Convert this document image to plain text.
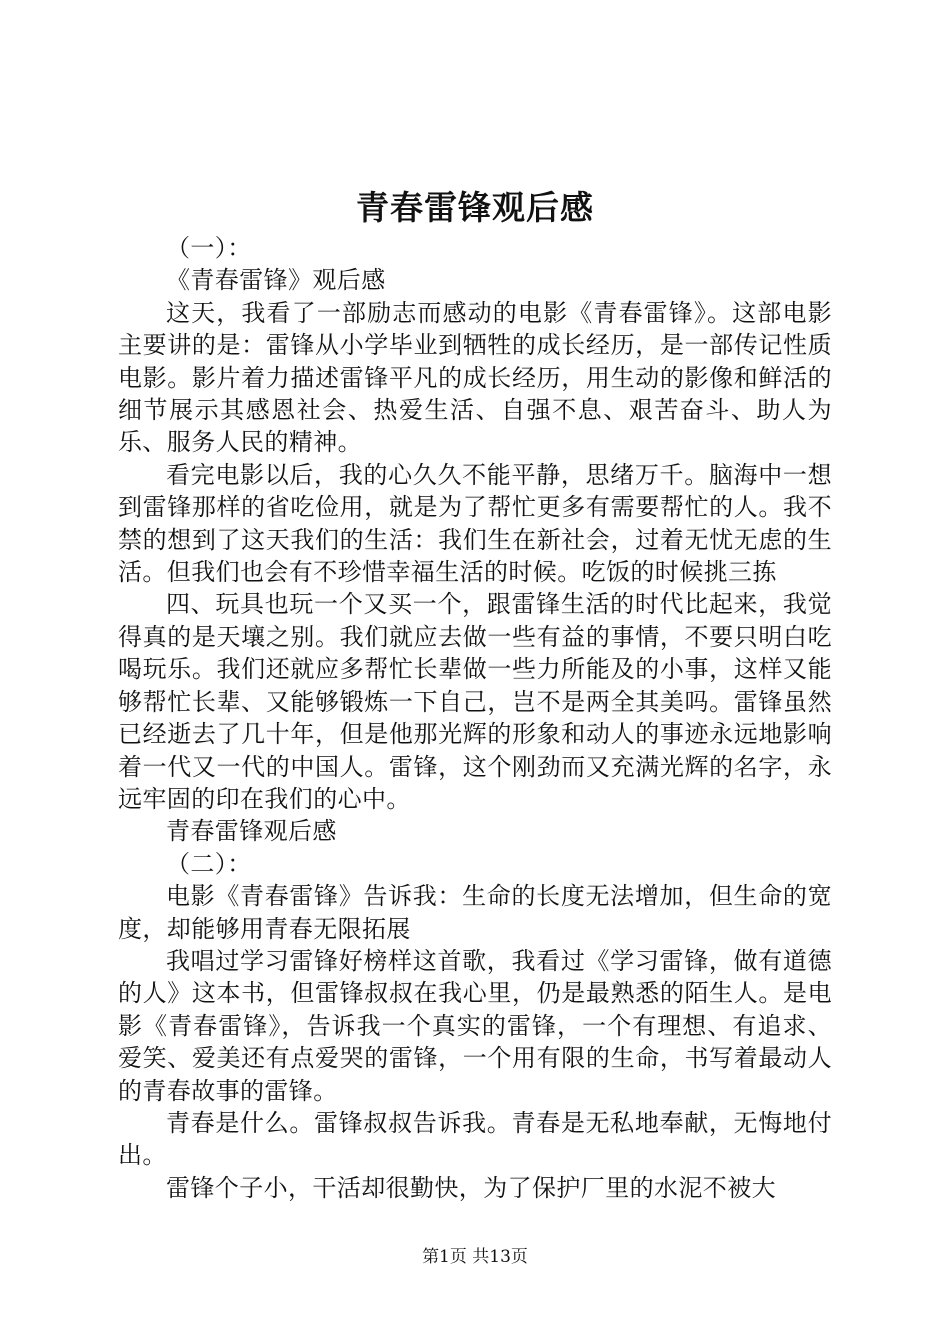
青春雷锋观后感

（一）：

《青春雷锋》观后感

这天，我看了一部励志而感动的电影《青春雷锋》。这部电影主要讲的是：雷锋从小学毕业到牺牲的成长经历，是一部传记性质电影。影片着力描述雷锋平凡的成长经历，用生动的影像和鲜活的细节展示其感恩社会、热爱生活、自强不息、艰苦奋斗、助人为乐、服务人民的精神。

看完电影以后，我的心久久不能平静，思绪万千。脑海中一想到雷锋那样的省吃俭用，就是为了帮忙更多有需要帮忙的人。我不禁的想到了这天我们的生活：我们生在新社会，过着无忧无虑的生活。但我们也会有不珍惜幸福生活的时候。吃饭的时候挑三拣

四、玩具也玩一个又买一个，跟雷锋生活的时代比起来，我觉得真的是天壤之别。我们就应去做一些有益的事情，不要只明白吃喝玩乐。我们还就应多帮忙长辈做一些力所能及的小事，这样又能够帮忙长辈、又能够锻炼一下自己，岂不是两全其美吗。雷锋虽然已经逝去了几十年，但是他那光辉的形象和动人的事迹永远地影响着一代又一代的中国人。雷锋，这个刚劲而又充满光辉的名字，永远牢固的印在我们的心中。

青春雷锋观后感

（二）：

电影《青春雷锋》告诉我：生命的长度无法增加，但生命的宽度，却能够用青春无限拓展

我唱过学习雷锋好榜样这首歌，我看过《学习雷锋，做有道德的人》这本书，但雷锋叔叔在我心里，仍是最熟悉的陌生人。是电影《青春雷锋》，告诉我一个真实的雷锋，一个有理想、有追求、爱笑、爱美还有点爱哭的雷锋，一个用有限的生命，书写着最动人的青春故事的雷锋。

青春是什么。雷锋叔叔告诉我。青春是无私地奉献，无悔地付出。

雷锋个子小，干活却很勤快，为了保护厂里的水泥不被大

第1页 共13页
